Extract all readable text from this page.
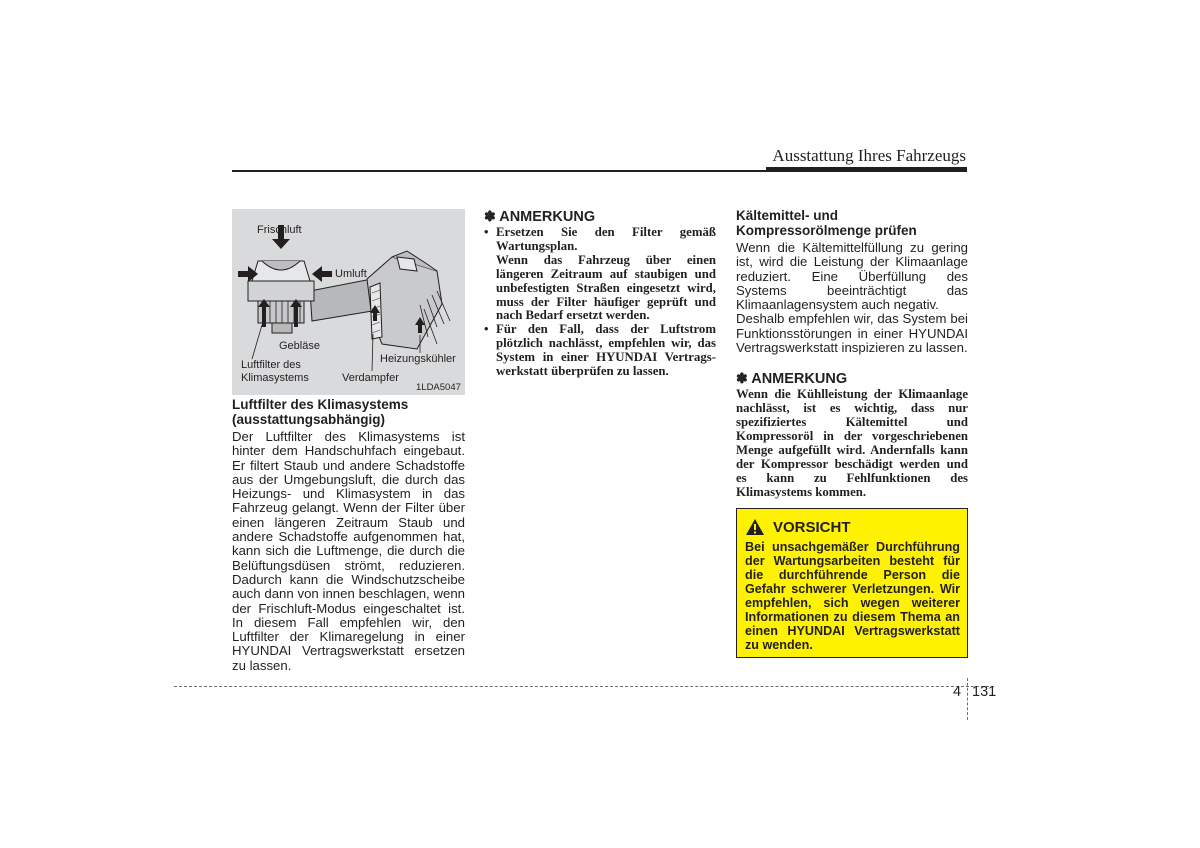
Ausstattung Ihres Fahrzeugs
Frischluft
Umluft
Gebläse
Luftfilter des
Klimasystems	Verdampfer
Heizungskühler
1LDA5047
Luftfilter des Klimasystems (ausstattungsabhängig)
Der Luftfilter des Klimasystems ist hinter dem Handschuhfach eingebaut. Er filtert Staub und andere Schadstoffe aus der Umgebungsluft, die durch das Heizungs- und Klimasystem in das Fahrzeug gelangt. Wenn der Filter über einen längeren Zeitraum Staub und andere Schadstoffe aufgenommen hat, kann sich die Luftmenge, die durch die Belüftungsdüsen strömt, reduzieren. Dadurch kann die Windschutzscheibe auch dann von innen beschlagen, wenn der Frischluft-Modus eingeschaltet ist. In diesem Fall empfehlen wir, den Luftfilter der Klimaregelung in einer HYUNDAI Vertragswerkstatt ersetzen zu lassen.
✽ ANMERKUNG
• Ersetzen Sie den Filter gemäß Wartungsplan.

Wenn das Fahrzeug über einen längeren Zeitraum auf staubigen und unbefestigten Straßen eingesetzt wird, muss der Filter häufiger geprüft und nach Bedarf ersetzt werden.

• Für den Fall, dass der Luftstrom plötzlich nachlässt, empfehlen wir, das System in einer HYUNDAI Vertrags-werkstatt überprüfen zu lassen.

Kältemittel- und Kompressorölmenge prüfen
Wenn die Kältemittelfüllung zu gering ist, wird die Leistung der Klimaanlage reduziert. Eine Überfüllung des Systems beeinträchtigt das Klimaanlagensystem auch negativ.
Deshalb empfehlen wir, das System bei Funktionsstörungen in einer HYUNDAI Vertragswerkstatt inspizieren zu lassen.
✽ ANMERKUNG
Wenn die Kühlleistung der Klimaanlage nachlässt, ist es wichtig, dass nur spezifiziertes Kältemittel und Kompressoröl in der vorgeschriebenen Menge aufgefüllt wird. Andernfalls kann der Kompressor beschädigt werden und es kann zu Fehlfunktionen des Klimasystems kommen.
VORSICHT
Bei unsachgemäßer Durchführung der Wartungsarbeiten besteht für die durchführende Person die Gefahr schwerer Verletzungen. Wir empfehlen, sich wegen weiterer Informationen zu diesem Thema an einen HYUNDAI Vertragswerkstatt zu wenden.
4 131
